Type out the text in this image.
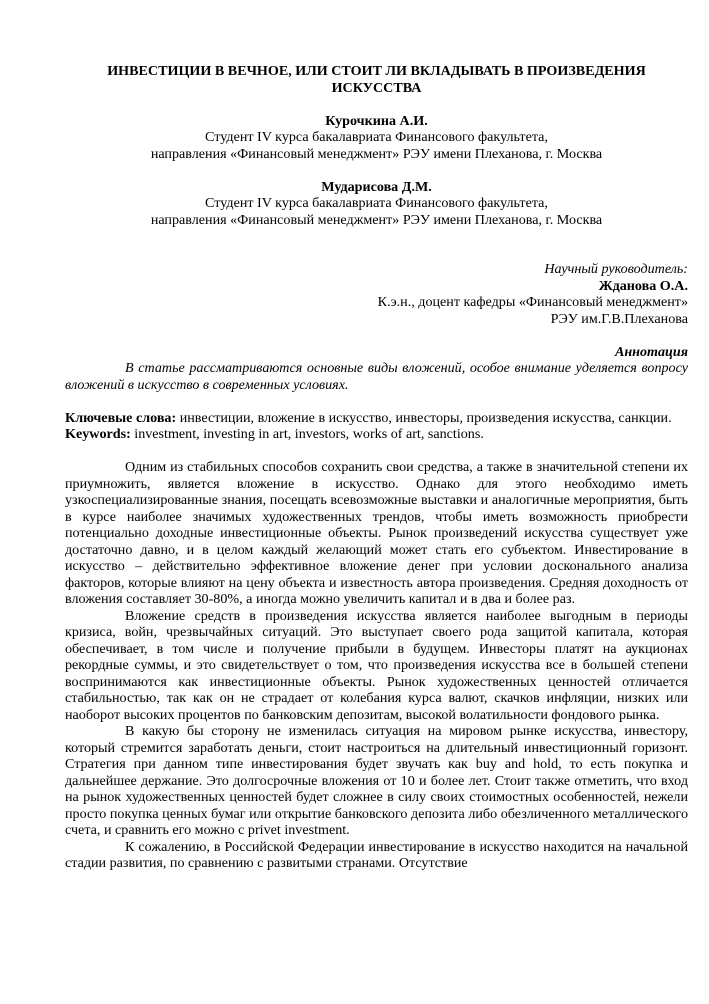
ИНВЕСТИЦИИ В ВЕЧНОЕ, ИЛИ СТОИТ ЛИ ВКЛАДЫВАТЬ В ПРОИЗВЕДЕНИЯ ИСКУССТВА

Курочкина А.И.

Студент IV курса бакалавриата Финансового факультета,

направления «Финансовый менеджмент» РЭУ имени Плеханова, г. Москва

Мударисова Д.М.

Студент IV курса бакалавриата Финансового факультета,

направления «Финансовый менеджмент» РЭУ имени Плеханова, г. Москва

Научный руководитель:

Жданова О.А.

К.э.н., доцент кафедры «Финансовый менеджмент»

РЭУ им.Г.В.Плеханова

Аннотация

В статье рассматриваются основные виды вложений, особое внимание уделяется вопросу вложений в искусство в современных условиях.

Ключевые слова: инвестиции, вложение в искусство, инвесторы, произведения искусства, санкции.

Keywords: investment, investing in art, investors, works of art, sanctions.

Одним из стабильных способов сохранить свои средства, а также в значительной степени их приумножить, является вложение в искусство. Однако для этого необходимо иметь узкоспециализированные знания, посещать всевозможные выставки и аналогичные мероприятия, быть в курсе наиболее значимых художественных трендов, чтобы иметь возможность приобрести потенциально доходные инвестиционные объекты. Рынок произведений искусства существует уже достаточно давно, и в целом каждый желающий может стать его субъектом. Инвестирование в искусство – действительно эффективное вложение денег при условии досконального анализа факторов, которые влияют на цену объекта и известность автора произведения. Средняя доходность от вложения составляет 30-80%, а иногда можно увеличить капитал и в два и более раз.

Вложение средств в произведения искусства является наиболее выгодным в периоды кризиса, войн, чрезвычайных ситуаций. Это выступает своего рода защитой капитала, которая обеспечивает, в том числе и получение прибыли в будущем. Инвесторы платят на аукционах рекордные суммы, и это свидетельствует о том, что произведения искусства все в большей степени воспринимаются как инвестиционные объекты. Рынок художественных ценностей отличается стабильностью, так как он не страдает от колебания курса валют, скачков инфляции, низких или наоборот высоких процентов по банковским депозитам, высокой волатильности фондового рынка.

В какую бы сторону не изменилась ситуация на мировом рынке искусства, инвестору, который стремится заработать деньги, стоит настроиться на длительный инвестиционный горизонт. Стратегия при данном типе инвестирования будет звучать как buy and hold, то есть покупка и дальнейшее держание. Это долгосрочные вложения от 10 и более лет. Стоит также отметить, что вход на рынок художественных ценностей будет сложнее в силу своих стоимостных особенностей, нежели просто покупка ценных бумаг или открытие банковского депозита либо обезличенного металлического счета, и сравнить его можно с privet investment.

К сожалению, в Российской Федерации инвестирование в искусство находится на начальной стадии развития, по сравнению с развитыми странами. Отсутствие
